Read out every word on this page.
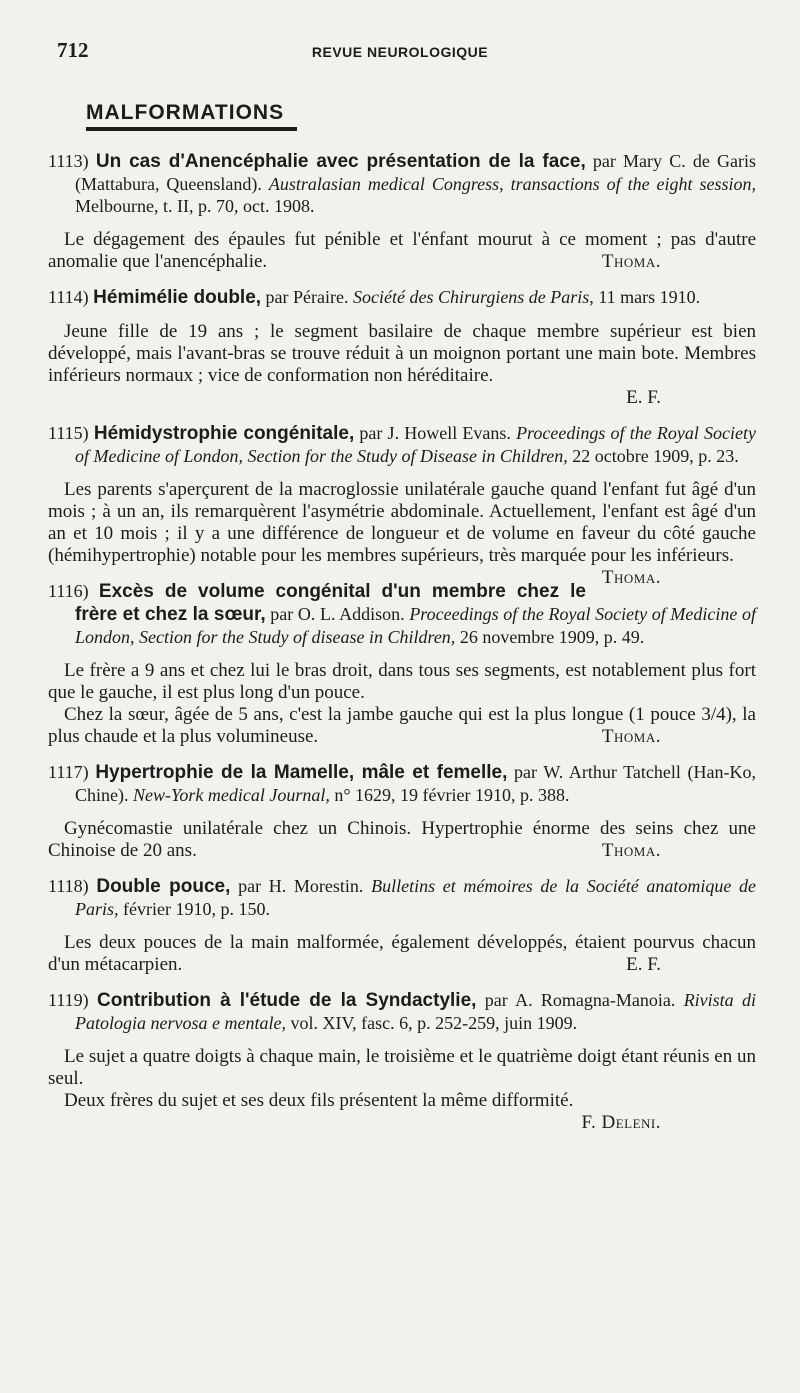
712	REVUE NEUROLOGIQUE
MALFORMATIONS
1113) Un cas d'Anencéphalie avec présentation de la face, par Mary C. de Garis (Mattabura, Queensland). Australasian medical Congress, transactions of the eight session, Melbourne, t. II, p. 70, oct. 1908.

Le dégagement des épaules fut pénible et l'énfant mourut à ce moment ; pas d'autre anomalie que l'anencéphalie.	Thoma.

1114) Hémimélie double, par Péraire. Société des Chirurgiens de Paris, 11 mars 1910.

Jeune fille de 19 ans ; le segment basilaire de chaque membre supérieur est bien développé, mais l'avant-bras se trouve réduit à un moignon portant une main bote. Membres inférieurs normaux ; vice de conformation non héréditaire.

E. F.
1115) Hémidystrophie congénitale, par J. Howell Evans. Proceedings of the Royal Society of Medicine of London, Section for the Study of Disease in Children, 22 octobre 1909, p. 23.

Les parents s'aperçurent de la macroglossie unilatérale gauche quand l'enfant fut âgé d'un mois ; à un an, ils remarquèrent l'asymétrie abdominale. Actuellement, l'enfant est âgé d'un an et 10 mois ; il y a une différence de longueur et de volume en faveur du côté gauche (hémihypertrophie) notable pour les membres supérieurs, très marquée pour les inférieurs.
Thoma.

1116) Excès de volume congénital d'un membre chez le frère et chez la sœur, par O. L. Addison. Proceedings of the Royal Society of Medicine of London, Section for the Study of disease in Children, 26 novembre 1909, p. 49.

Le frère a 9 ans et chez lui le bras droit, dans tous ses segments, est notablement plus fort que le gauche, il est plus long d'un pouce.

Chez la sœur, âgée de 5 ans, c'est la jambe gauche qui est la plus longue (1 pouce 3/4), la plus chaude et la plus volumineuse.	Thoma.

1117) Hypertrophie de la Mamelle, mâle et femelle, par W. Arthur Tatchell (Han-Ko, Chine). New-York medical Journal, n° 1629, 19 février 1910, p. 388.

Gynécomastie unilatérale chez un Chinois. Hypertrophie énorme des seins chez une Chinoise de 20 ans.	Thoma.

1118) Double pouce, par H. Morestin. Bulletins et mémoires de la Société anatomique de Paris, février 1910, p. 150.

Les deux pouces de la main malformée, également développés, étaient pourvus chacun d'un métacarpien.	E. F.

1119) Contribution à l'étude de la Syndactylie, par A. Romagna-Manoia. Rivista di Patologia nervosa e mentale, vol. XIV, fasc. 6, p. 252-259, juin 1909.

Le sujet a quatre doigts à chaque main, le troisième et le quatrième doigt étant réunis en un seul.

Deux frères du sujet et ses deux fils présentent la même difformité.

F. Deleni.
